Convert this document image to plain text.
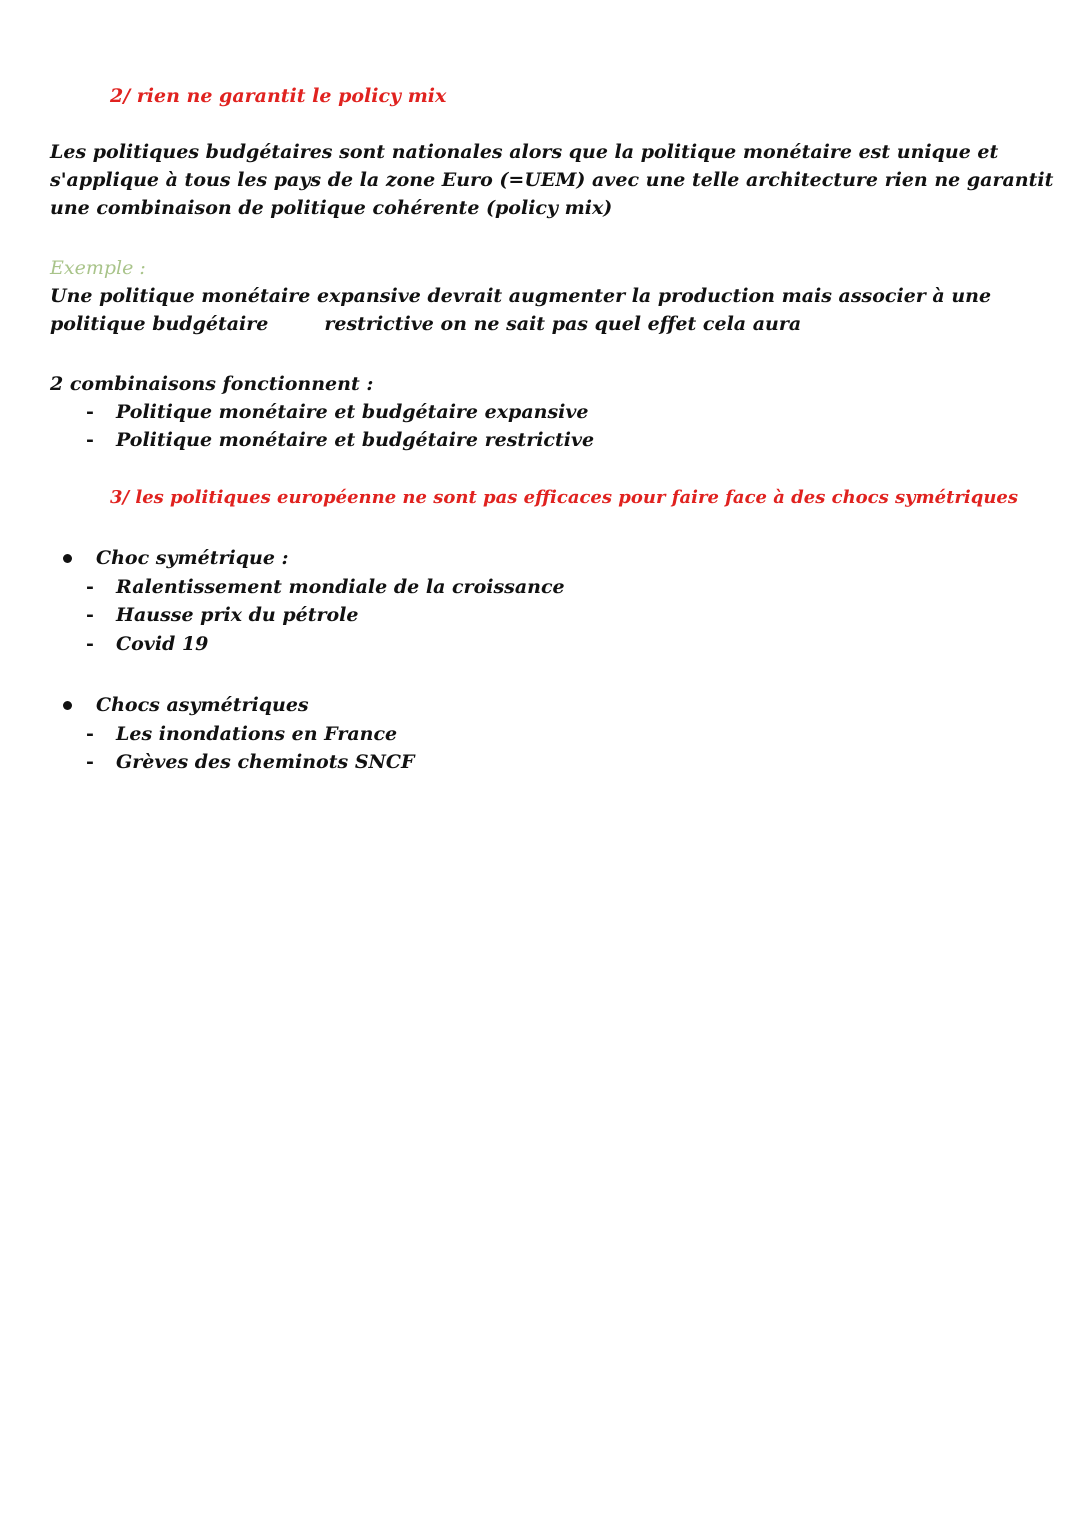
2/ rien ne garantit le policy mix
Les politiques budgétaires sont nationales alors que la politique monétaire est unique et
s'applique à tous les pays de la zone Euro (=UEM) avec une telle architecture rien ne garantit
une combinaison de politique cohérente (policy mix)
Exemple :
Une politique monétaire expansive devrait augmenter la production mais associer à une
politique budgétaire	restrictive on ne sait pas quel effet cela aura
2 combinaisons fonctionnent :
- Politique monétaire et budgétaire expansive
- Politique monétaire et budgétaire restrictive
3/ les politiques européenne ne sont pas efficaces pour faire face à des chocs symétriques
Choc symétrique :
- Ralentissement mondiale de la croissance
- Hausse prix du pétrole
- Covid 19
Chocs asymétriques
- Les inondations en France
- Grèves des cheminots SNCF
